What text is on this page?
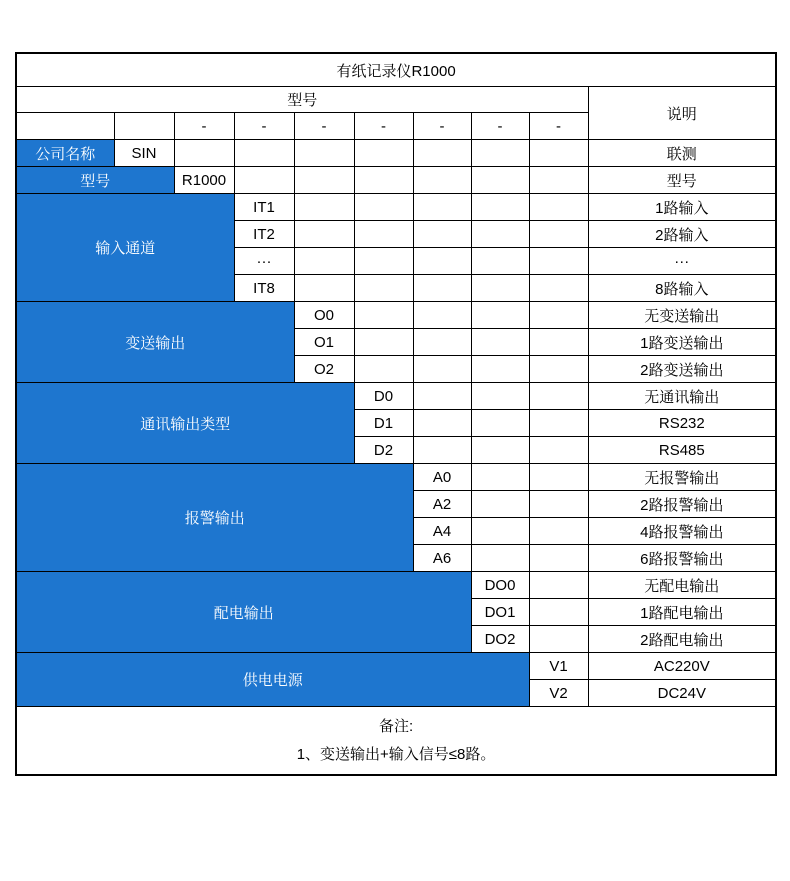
有纸记录仪R1000									
型号									说明
		-	-	-	-	-	-	-	
公司名称	SIN								联测
型号		R1000							型号
输入通道			IT1						1路输入
			IT2						2路输入
			···						···
			IT8						8路输入
变送输出				O0					无变送输出
				O1					1路变送输出
				O2					2路变送输出
通讯输出类型					D0				无通讯输出
					D1				RS232
					D2				RS485
报警输出						A0			无报警输出
						A2			2路报警输出
						A4			4路报警输出
						A6			6路报警输出
配电输出							DO0		无配电输出
							DO1		1路配电输出
							DO2		2路配电输出
供电电源								V1	AC220V
								V2	DC24V

备注:
1、变送输出+输入信号≤8路。									
